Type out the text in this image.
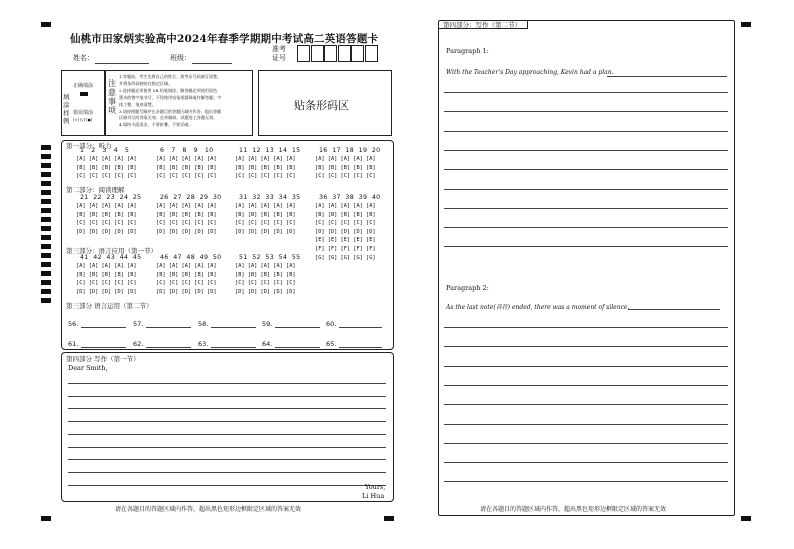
仙桃市田家炳实验高中2024年春季学期期中考试高二英语答题卡
姓名：	班级：
准考
证号
填
涂
样
例
正确填涂
错误填涂
[×] [√] [●]
注
意
事
项
1.答题前，考生先将自己的姓名、准考证号码填写清楚，
并将条形码粘贴在指定区域。
2.选择题必须使用 2B 铅笔填涂；解答题必须使用黑色
墨水的签字笔书写，不得使用铅笔或圆珠笔作解答题；字
体工整、笔迹清楚。
3.请按照题号顺序在各题目的答题区域内作答，超出答题
区域书写的答案无效；在草稿纸、试题卷上答题无效。
4.保持卡面清洁，不要折叠、不要弄破。
贴条形码区
第一部分：听力
1   2   3   4   5
[A] [A] [A] [A] [A]
[B] [B] [B] [B] [B]
[C] [C] [C] [C] [C]
6   7   8   9   10
[A] [A] [A] [A] [A]
[B] [B] [B] [B] [B]
[C] [C] [C] [C] [C]
11  12  13  14  15
[A] [A] [A] [A] [A]
[B] [B] [B] [B] [B]
[C] [C] [C] [C] [C]
16  17  18  19  20
[A] [A] [A] [A] [A]
[B] [B] [B] [B] [B]
[C] [C] [C] [C] [C]
第二部分：阅读理解
21  22  23  24  25
[A] [A] [A] [A] [A]
[B] [B] [B] [B] [B]
[C] [C] [C] [C] [C]
[D] [D] [D] [D] [D]
26  27  28  29  30
[A] [A] [A] [A] [A]
[B] [B] [B] [B] [B]
[C] [C] [C] [C] [C]
[D] [D] [D] [D] [D]
31  32  33  34  35
[A] [A] [A] [A] [A]
[B] [B] [B] [B] [B]
[C] [C] [C] [C] [C]
[D] [D] [D] [D] [D]
36  37  38  39  40
[A] [A] [A] [A] [A]
[B] [B] [B] [B] [B]
[C] [C] [C] [C] [C]
[D] [D] [D] [D] [D]
[E] [E] [E] [E] [E]
[F] [F] [F] [F] [F]
[G] [G] [G] [G] [G]
第三部分：语言应用（第一节）
41  42  43  44  45
[A] [A] [A] [A] [A]
[B] [B] [B] [B] [B]
[C] [C] [C] [C] [C]
[D] [D] [D] [D] [D]
46  47  48  49  50
[A] [A] [A] [A] [A]
[B] [B] [B] [B] [B]
[C] [C] [C] [C] [C]
[D] [D] [D] [D] [D]
51  52  53  54  55
[A] [A] [A] [A] [A]
[B] [B] [B] [B] [B]
[C] [C] [C] [C] [C]
[D] [D] [D] [D] [D]
第三部分 语言运用（第二节）
56.	57.	58.	59.	60.
61.	62.	63.	64.	65.
第四部分 写作（第一节）
Dear Smith,
Yours,
Li Hua
请在各题目的答题区域内作答，超出黑色矩形边框限定区域的答案无效
第四部分：写作（第二节）
Paragraph 1:
With the Teacher’s Day approaching, Kevin had a plan.
Paragraph 2:
As the last note(音符) ended, there was a moment of silence.
请在各题目的答题区域内作答，超出黑色矩形边框限定区域的答案无效
